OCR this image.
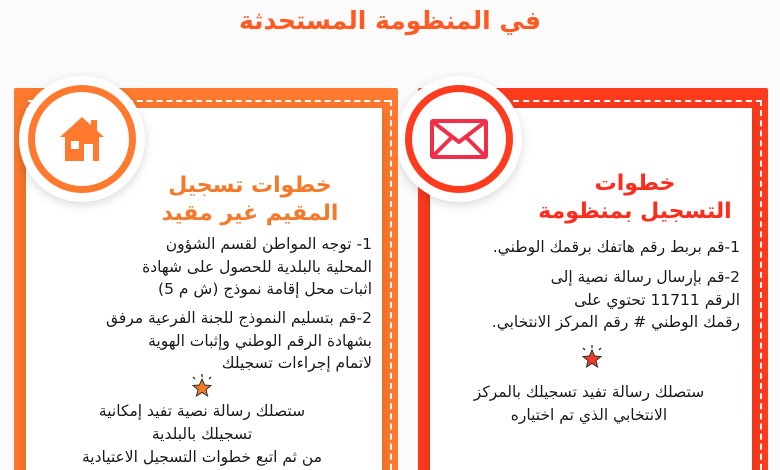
في المنظومة المستحدثة
خطوات
التسجيل بمنظومة
1-قم بربط رقم هاتفك برقمك الوطني.
2-قم بإرسال رسالة نصية إلى
الرقم 11711 تحتوي على
رقمك الوطني # رقم المركز الانتخابي.
ستصلك رسالة تفيد تسجيلك بالمركز
الانتخابي الذي تم اختياره
خطوات تسجيل
المقيم غير مقيد
1- توجه المواطن لقسم الشؤون
المحلية بالبلدية للحصول على شهادة
اثبات محل إقامة نموذج (ش م 5)
2-قم بتسليم النموذج للجنة الفرعية مرفق
بشهادة الرقم الوطني وإثبات الهوية
لاتمام إجراءات تسجيلك
ستصلك رسالة نصية تفيد إمكانية
تسجيلك بالبلدية
من ثم اتبع خطوات التسجيل الاعتيادية
